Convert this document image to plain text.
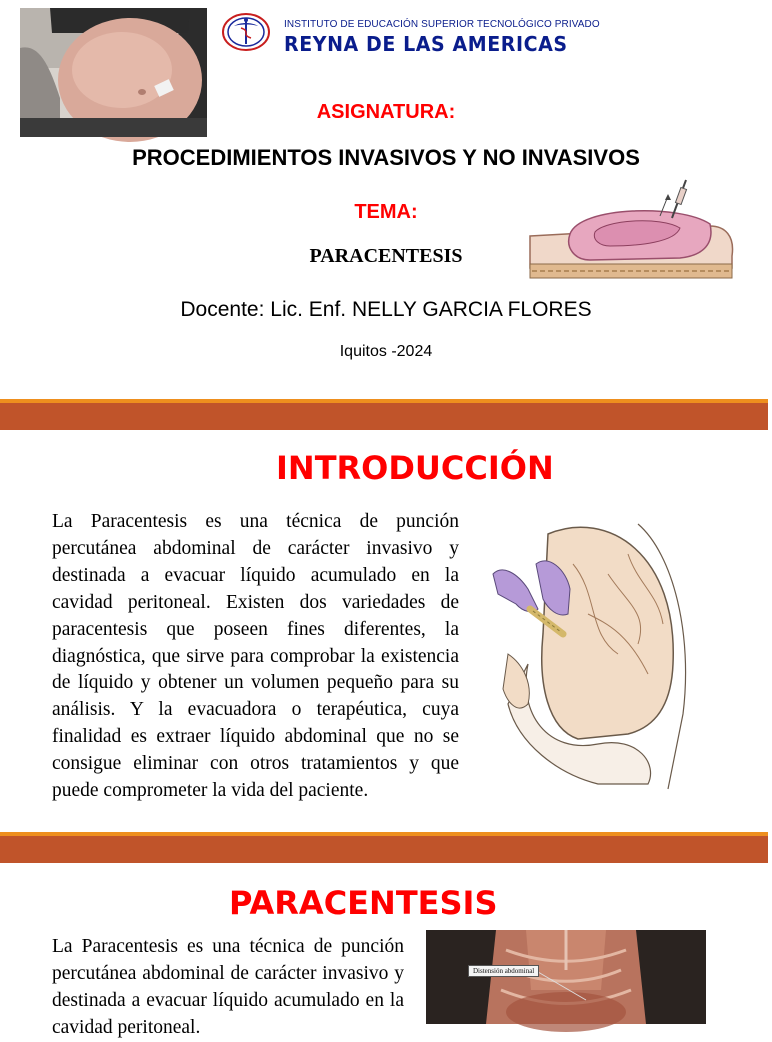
INSTITUTO DE EDUCACIÓN SUPERIOR TECNOLÓGICO PRIVADO
REYNA DE LAS AMERICAS
ASIGNATURA:
PROCEDIMIENTOS INVASIVOS Y NO INVASIVOS
TEMA:
PARACENTESIS
Docente: Lic. Enf. NELLY GARCIA FLORES
Iquitos -2024
INTRODUCCIÓN
La Paracentesis es una técnica de punción percutánea abdominal de carácter invasivo y destinada a evacuar líquido acumulado en la cavidad peritoneal. Existen dos variedades de paracentesis que poseen fines diferentes, la diagnóstica, que sirve para comprobar la existencia de líquido y obtener un volumen pequeño para su análisis. Y la evacuadora o terapéutica, cuya finalidad es extraer líquido abdominal que no se consigue eliminar con otros tratamientos y que puede comprometer la vida del paciente.
PARACENTESIS
La Paracentesis es una técnica de punción percutánea abdominal de carácter invasivo y destinada a evacuar líquido acumulado en la cavidad peritoneal.
Distensión abdominal
